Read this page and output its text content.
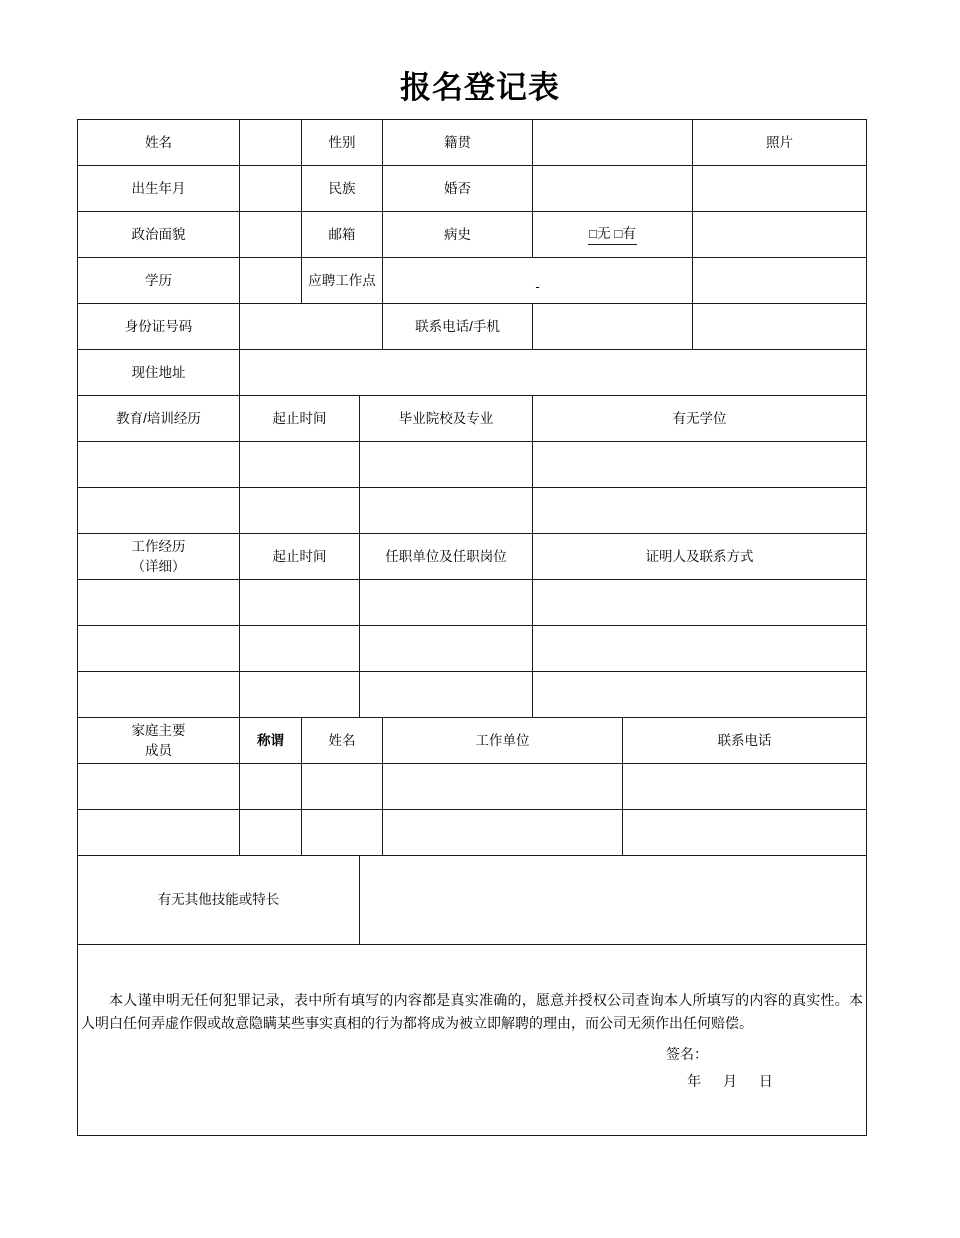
报名登记表
姓名		性别		籍贯			照片
出生年月		民族		婚否			
政治面貌		邮箱		病史	□无 □有		
学历		应聘工作点		-			

身份证号码				联系电话/手机			
现住地址							
教育/培训经历	起止时间		毕业院校及专业		有无学位		

工作经历
（详细）	起止时间		任职单位及任职岗位		证明人及联系方式		

家庭主要
成员	称谓	姓名		工作单位		联系电话	

有无其他技能或特长							

本人谨申明无任何犯罪记录，表中所有填写的内容都是真实准确的，愿意并授权公司查询本人所填写的内容的真实性。本人明白任何弄虚作假或故意隐瞒某些事实真相的行为都将成为被立即解聘的理由，而公司无须作出任何赔偿。

签名：
年 月 日							
